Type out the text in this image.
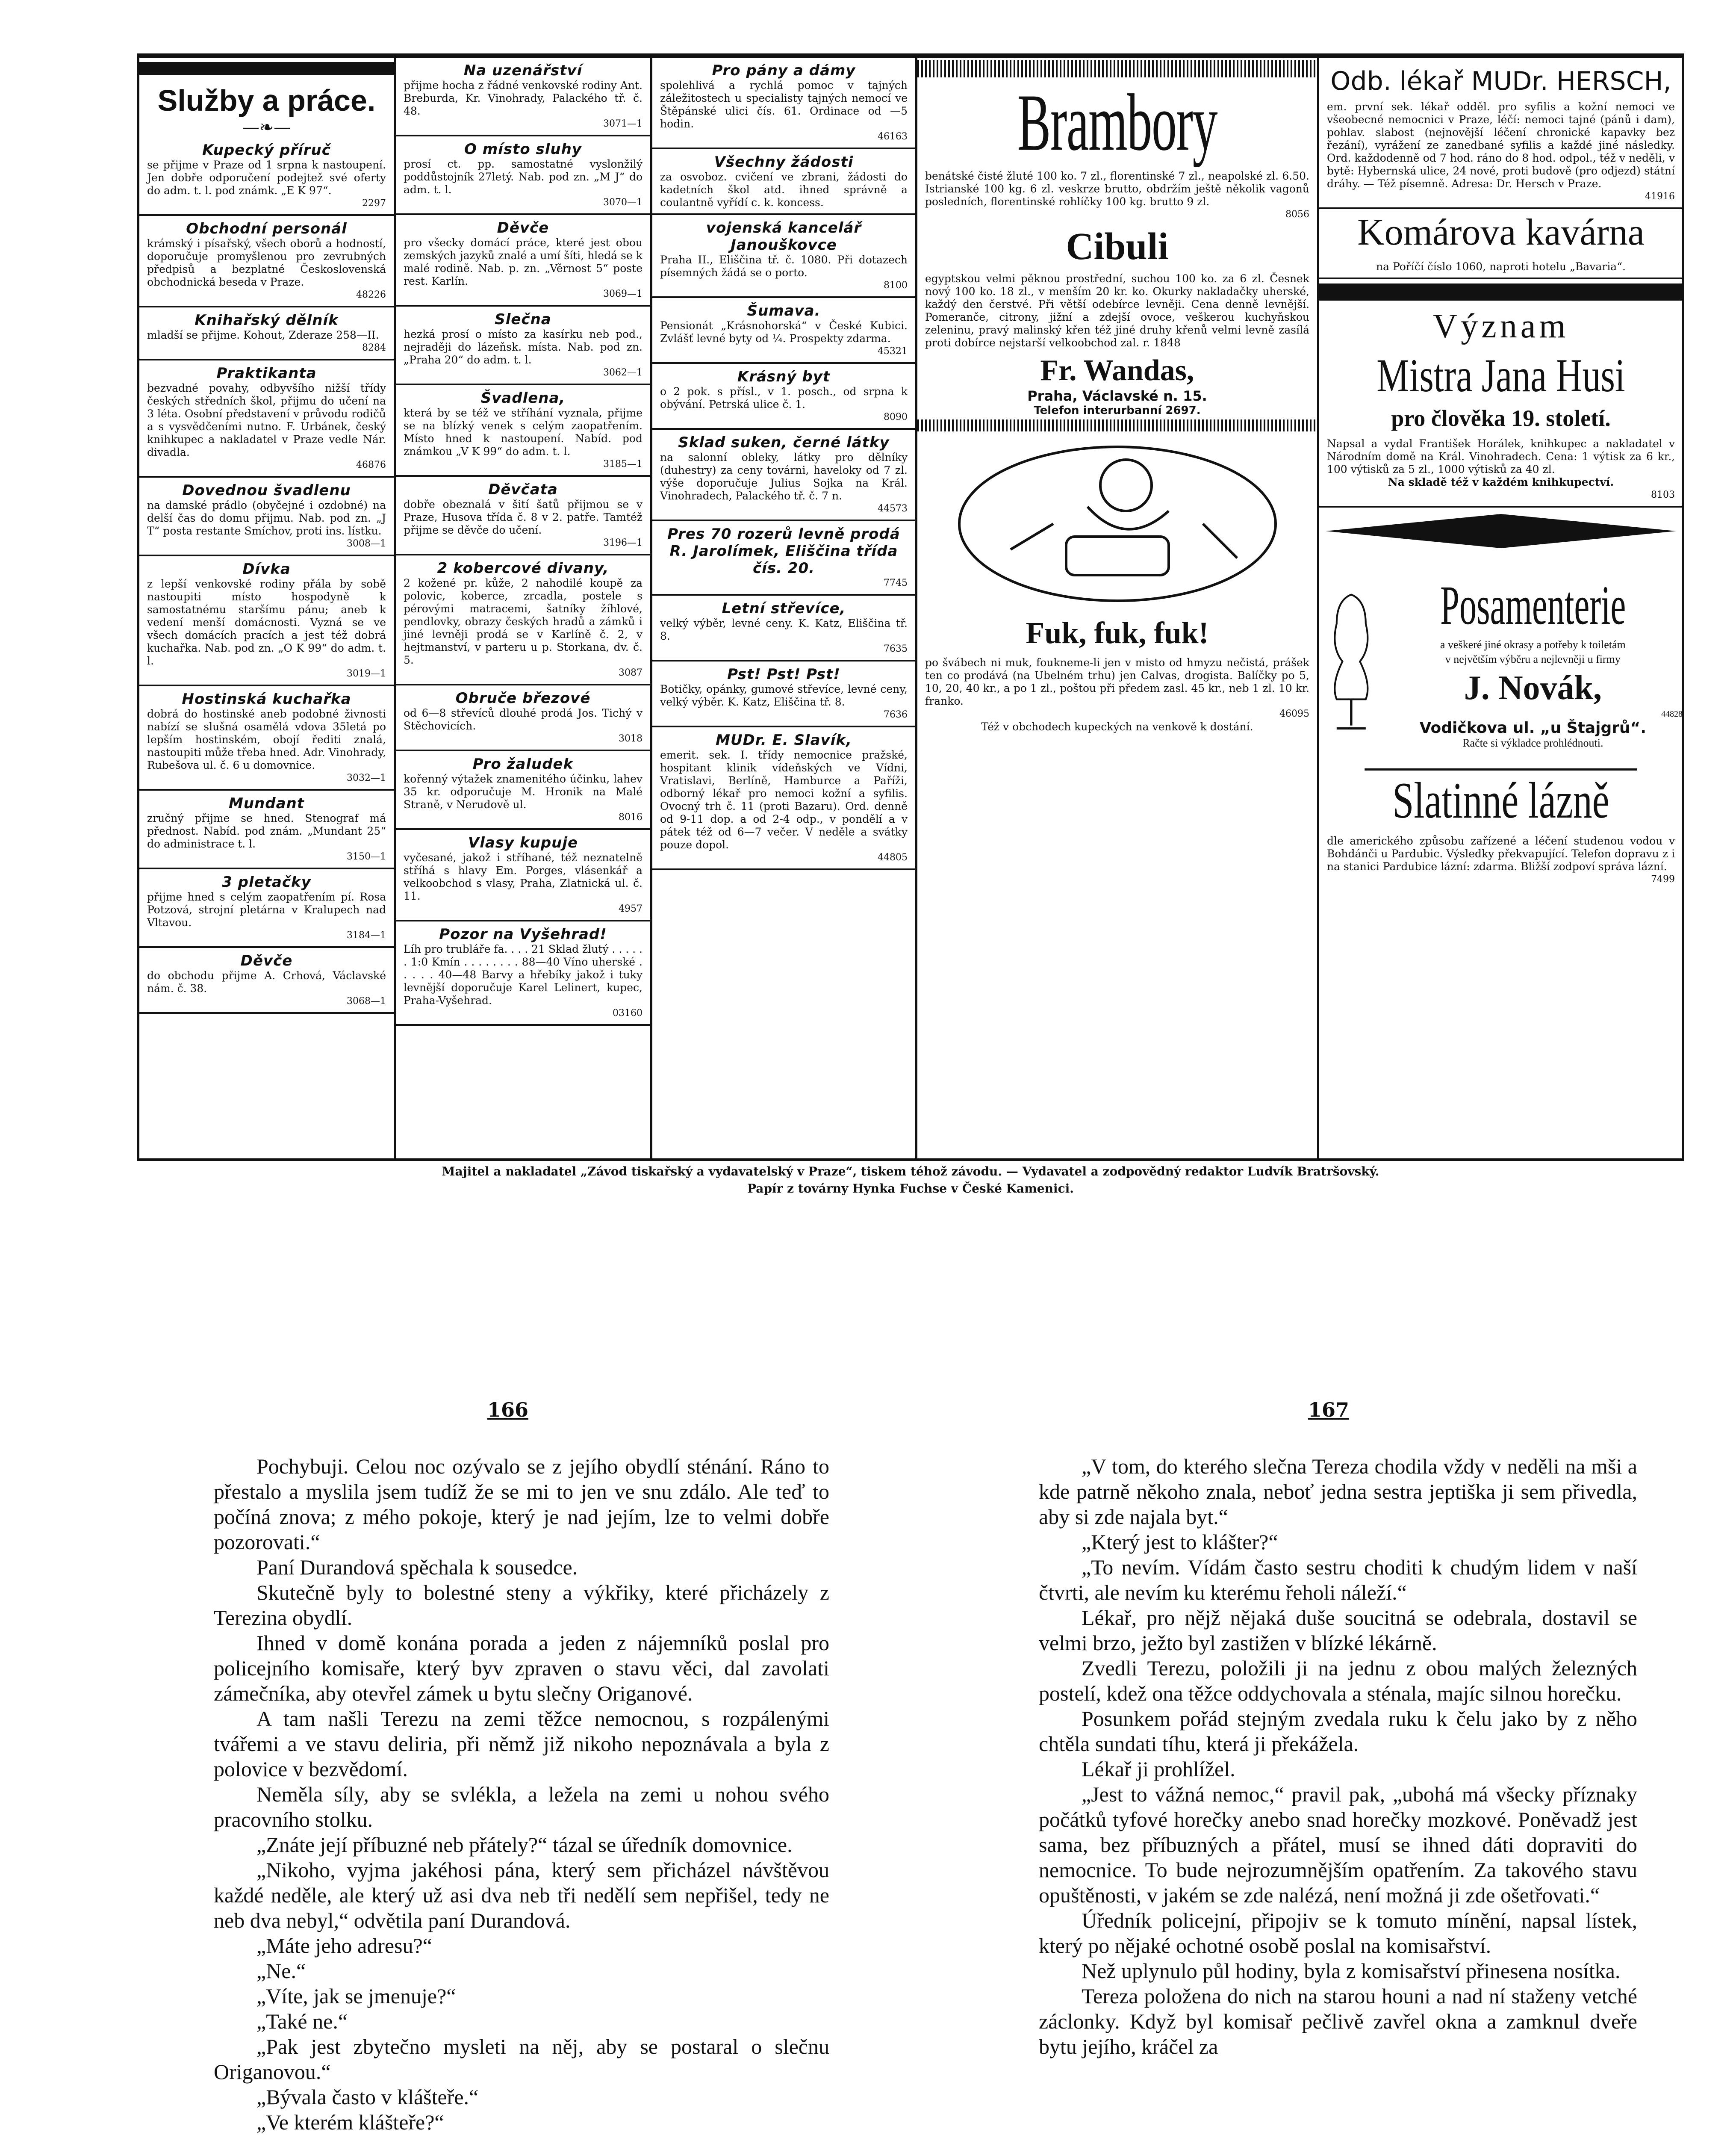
Služby a práce.
—❧—
Kupecký příruč

se přijme v Praze od 1 srpna k nastoupení. Jen dobře odporučení podejtež své oferty do adm. t. l. pod známk. „E K 97“.

2297
Obchodní personál

krámský i písařský, všech oborů a hodností, doporučuje promyšlenou pro zevrubných předpisů a bezplatné Československá obchodnická beseda v Praze.

48226
Knihařský dělník

mladší se přijme. Kohout, Zderaze 258—II.

8284
Praktikanta

bezvadné povahy, odbyvšího nižší třídy českých středních škol, přijmu do učení na 3 léta. Osobní představení v průvodu rodičů a s vysvědčeními nutno. F. Urbánek, český knihkupec a nakladatel v Praze vedle Nár. divadla.

46876
Dovednou švadlenu

na damské prádlo (obyčejné i ozdobné) na delší čas do domu přijmu. Nab. pod zn. „J T“ posta restante Smíchov, proti ins. lístku.

3008—1
Dívka

z lepší venkovské rodiny přála by sobě nastoupiti místo hospodyně k samostatnému staršímu pánu; aneb k vedení menší domácnosti. Vyzná se ve všech domácích pracích a jest též dobrá kuchařka. Nab. pod zn. „O K 99“ do adm. t. l.

3019—1
Hostinská kuchařka

dobrá do hostinské aneb podobné živnosti nabízí se slušná osamělá vdova 35letá po lepším hostinském, obojí řediti znalá, nastoupiti může třeba hned. Adr. Vinohrady, Rubešova ul. č. 6 u domovnice.

3032—1
Mundant

zručný přijme se hned. Stenograf má přednost. Nabíd. pod znám. „Mundant 25“ do administrace t. l.

3150—1
3 pletačky

přijme hned s celým zaopatřením pí. Rosa Potzová, strojní pletárna v Kralupech nad Vltavou.

3184—1
Děvče

do obchodu přijme A. Crhová, Václavské nám. č. 38.

3068—1
Na uzenářství

přijme hocha z řádné venkovské rodiny Ant. Breburda, Kr. Vinohrady, Palackého tř. č. 48.

3071—1
O místo sluhy

prosí ct. pp. samostatné vyslonžilý poddůstojník 27letý. Nab. pod zn. „M J“ do adm. t. l.

3070—1
Děvče

pro všecky domácí práce, které jest obou zemských jazyků znalé a umí šíti, hledá se k malé rodině. Nab. p. zn. „Věrnost 5“ poste rest. Karlín.

3069—1
Slečna

hezká prosí o místo za kasírku neb pod., nejraději do lázeňsk. místa. Nab. pod zn. „Praha 20“ do adm. t. l.

3062—1
Švadlena,

která by se též ve stříhání vyznala, přijme se na blízký venek s celým zaopatřením. Místo hned k nastoupení. Nabíd. pod známkou „V K 99“ do adm. t. l.

3185—1
Děvčata

dobře obeznalá v šití šatů přijmou se v Praze, Husova třída č. 8 v 2. patře. Tamtéž přijme se děvče do učení.

3196—1
2 kobercové divany,

2 kožené pr. kůže, 2 nahodilé koupě za polovic, koberce, zrcadla, postele s pérovými matracemi, šatníky žíhlové, pendlovky, obrazy českých hradů a zámků i jiné levněji prodá se v Karlíně č. 2, v hejtmanství, v parteru u p. Storkana, dv. č. 5.

3087
Obruče březové

od 6—8 střevíců dlouhé prodá Jos. Tichý v Stěchovicích.

3018
Pro žaludek

kořenný výtažek znamenitého účinku, lahev 35 kr. odporučuje M. Hronik na Malé Straně, v Nerudově ul.

8016
Vlasy kupuje

vyčesané, jakož i stříhané, též neznatelně stříhá s hlavy Em. Porges, vlásenkář a velkoobchod s vlasy, Praha, Zlatnická ul. č. 11.

4957
Pozor na Vyšehrad!

Líh pro trubláře fa. . . . 21 Sklad žlutý . . . . . . 1:0 Kmín . . . . . . . . 88—40 Víno uherské . . . . . 40—48 Barvy a hřebíky jakož i tuky levnější doporučuje Karel Lelinert, kupec, Praha-Vyšehrad.

03160
Pro pány a dámy

spolehlivá a rychlá pomoc v tajných záležitostech u specialisty tajných nemocí ve Štěpánské ulici čís. 61. Ordinace od —5 hodin.

46163
Všechny žádosti

za osvoboz. cvičení ve zbrani, žádosti do kadetních škol atd. ihned správně a coulantně vyřídí c. k. koncess.

vojenská kancelář Janouškovce

Praha II., Eliščina tř. č. 1080. Při dotazech písemných žádá se o porto.

8100
Šumava.

Pensionát „Krásnohorská“ v České Kubici. Zvlášť levné byty od ¼. Prospekty zdarma.

45321
Krásný byt

o 2 pok. s přísl., v 1. posch., od srpna k obývání. Petrská ulice č. 1.

8090
Sklad suken, černé látky

na salonní obleky, látky pro dělníky (duhestry) za ceny továrni, haveloky od 7 zl. výše doporučuje Julius Sojka na Král. Vinohradech, Palackého tř. č. 7 n.

44573
Pres 70 rozerů levně prodá R. Jarolímek, Eliščina třída čís. 20.

7745
Letní střevíce,

velký výběr, levné ceny. K. Katz, Eliščina tř. 8.

7635
Pst! Pst! Pst!

Botičky, opánky, gumové střevíce, levné ceny, velký výběr. K. Katz, Eliščina tř. 8.

7636
MUDr. E. Slavík,

emerit. sek. I. třídy nemocnice pražské, hospitant klinik vídeňských ve Vídni, Vratislavi, Berlíně, Hamburce a Paříži, odborný lékař pro nemoci kožní a syfilis. Ovocný trh č. 11 (proti Bazaru). Ord. denně od 9-11 dop. a od 2-4 odp., v pondělí a v pátek též od 6—7 večer. V neděle a svátky pouze dopol.

44805
Brambory

benátské čisté žluté 100 ko. 7 zl., florentinské 7 zl., neapolské zl. 6.50. Istrianské 100 kg. 6 zl. veskrze brutto, obdržím ještě několik vagonů posledních, florentinské rohlíčky 100 kg. brutto 9 zl.

8056
Cibuli

egyptskou velmi pěknou prostřední, suchou 100 ko. za 6 zl. Česnek nový 100 ko. 18 zl., v menším 20 kr. ko. Okurky nakladačky uherské, každý den čerstvé. Při větší odebírce levněji. Cena denně levnější. Pomeranče, citrony, jižní a zdejší ovoce, veškerou kuchyňskou zeleninu, pravý malinský křen též jiné druhy křenů velmi levně zasílá proti dobírce nejstarší velkoobchod zal. r. 1848

Fr. Wandas,
Praha, Václavské n. 15.
Telefon interurbanní 2697.
Fuk, fuk, fuk!

po švábech ni muk, foukneme-li jen v misto od hmyzu nečistá, prášek ten co prodává (na Ubelném trhu) jen Calvas, drogista. Balíčky po 5, 10, 20, 40 kr., a po 1 zl., poštou při předem zasl. 45 kr., neb 1 zl. 10 kr. franko.

46095

Též v obchodech kupeckých na venkově k dostání.

Odb. lékař MUDr. HERSCH,

em. první sek. lékař odděl. pro syfilis a kožní nemoci ve všeobecné nemocnici v Praze, léčí: nemoci tajné (pánů i dam), pohlav. slabost (nejnovější léčení chronické kapavky bez řezání), vyrážení ze zanedbané syfilis a každé jiné následky. Ord. každodenně od 7 hod. ráno do 8 hod. odpol., též v neděli, v bytě: Hybernská ulice, 24 nové, proti budově (pro odjezd) státní dráhy. — Též písemně. Adresa: Dr. Hersch v Praze.

41916
Komárova kavárna

na Poříčí číslo 1060, naproti hotelu „Bavaria“.

Význam
Mistra Jana Husi
pro člověka 19. století.

Napsal a vydal František Horálek, knihkupec a nakladatel v Národním domě na Král. Vinohradech. Cena: 1 výtisk za 6 kr., 100 výtisků za 5 zl., 1000 výtisků za 40 zl.

Na skladě též v každém knihkupectví.

8103
Posamenterie
a veškeré jiné okrasy a potřeby k toiletám
v největším výběru a nejlevněji u firmy
J. Novák,
44828
Vodičkova ul. „u Štajgrů“.
Račte si výkladce prohlédnouti.
Slatinné lázně

dle amerického způsobu zařízené a léčení studenou vodou v Bohdánči u Pardubic. Výsledky překvapující. Telefon dopravu z i na stanici Pardubice lázní: zdarma. Bližší zodpoví správa lázní.

7499
Majitel a nakladatel „Závod tiskařský a vydavatelský v Praze“, tiskem téhož závodu. — Vydavatel a zodpovědný redaktor Ludvík Bratršovský.
Papír z továrny Hynka Fuchse v České Kamenici.
166	167

Pochybuji. Celou noc ozývalo se z jejího obydlí sténání. Ráno to přestalo a myslila jsem tudíž že se mi to jen ve snu zdálo. Ale teď to počíná znova; z mého pokoje, který je nad jejím, lze to velmi dobře pozorovati.“

Paní Durandová spěchala k sousedce.

Skutečně byly to bolestné steny a výkřiky, které přicházely z Terezina obydlí.

Ihned v domě konána porada a jeden z nájemníků poslal pro policejního komisaře, který byv zpraven o stavu věci, dal zavolati zámečníka, aby otevřel zámek u bytu slečny Origanové.

A tam našli Terezu na zemi těžce nemocnou, s rozpálenými tvářemi a ve stavu deliria, při němž již nikoho nepoznávala a byla z polovice v bezvědomí.

Neměla síly, aby se svlékla, a ležela na zemi u nohou svého pracovního stolku.

„Znáte její příbuzné neb přátely?“ tázal se úředník domovnice.

„Nikoho, vyjma jakéhosi pána, který sem přicházel návštěvou každé neděle, ale který už asi dva neb tři nedělí sem nepřišel, tedy ne neb dva nebyl,“ odvětila paní Durandová.

„Máte jeho adresu?“

„Ne.“

„Víte, jak se jmenuje?“

„Také ne.“

„Pak jest zbytečno mysleti na něj, aby se postaral o slečnu Origanovou.“

„Bývala často v klášteře.“

„Ve kterém klášteře?“

„V tom, do kterého slečna Tereza chodila vždy v neděli na mši a kde patrně někoho znala, neboť jedna sestra jeptiška ji sem přivedla, aby si zde najala byt.“

„Který jest to klášter?“

„To nevím. Vídám často sestru choditi k chudým lidem v naší čtvrti, ale nevím ku kterému řeholi náleží.“

Lékař, pro nějž nějaká duše soucitná se odebrala, dostavil se velmi brzo, ježto byl zastižen v blízké lékárně.

Zvedli Terezu, položili ji na jednu z obou malých železných postelí, kdež ona těžce oddychovala a sténala, majíc silnou horečku.

Posunkem pořád stejným zvedala ruku k čelu jako by z něho chtěla sundati tíhu, která ji překážela.

Lékař ji prohlížel.

„Jest to vážná nemoc,“ pravil pak, „ubohá má všecky příznaky počátků tyfové horečky anebo snad horečky mozkové. Poněvadž jest sama, bez příbuzných a přátel, musí se ihned dáti dopraviti do nemocnice. To bude nejrozumnějším opatřením. Za takového stavu opuštěnosti, v jakém se zde nalézá, není možná ji zde ošetřovati.“

Úředník policejní, připojiv se k tomuto mínění, napsal lístek, který po nějaké ochotné osobě poslal na komisařství.

Než uplynulo půl hodiny, byla z komisařství přinesena nosítka.

Tereza položena do nich na starou houni a nad ní staženy vetché záclonky. Když byl komisař pečlivě zavřel okna a zamknul dveře bytu jejího, kráčel za
